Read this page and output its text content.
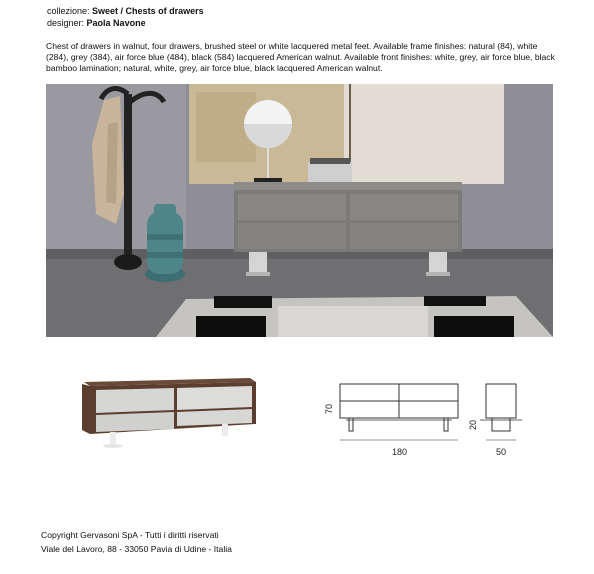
collezione: Sweet / Chests of drawers
designer: Paola Navone
Chest of drawers in walnut, four drawers, brushed steel or white lacquered metal feet. Available frame finishes: natural (84), white (284), grey (384), air force blue (484), black (584) lacquered American walnut. Available front finishes: white, grey, air force blue, black bamboo lamination; natural, white, grey, air force blue, black lacquered American walnut.
180	50
70
20
Copyright Gervasoni SpA - Tutti i diritti riservati
Viale del Lavoro, 88 - 33050 Pavia di Udine - Italia
